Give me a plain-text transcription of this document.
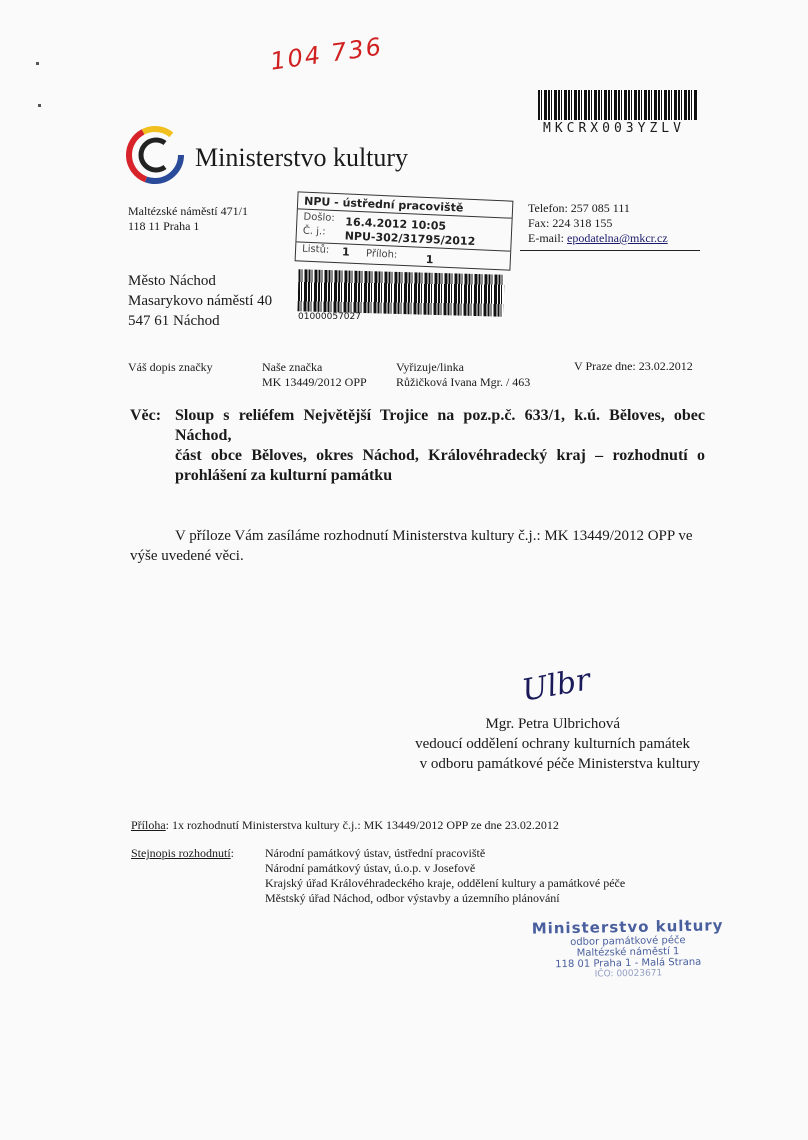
104 736
MKCRX003YZLV
Ministerstvo kultury
Maltézské náměstí 471/1
118 11 Praha 1
Telefon: 257 085 111
Fax: 224 318 155
E-mail: epodatelna@mkcr.cz
NPU - ústřední pracoviště
Došlo: 16.4.2012 10:05
Č. j.: NPU-302/31795/2012
Listů: 1 Příloh:	1
01000057027
Město Náchod
Masarykovo náměstí 40
547 61 Náchod
Váš dopis značky	Naše značka
MK 13449/2012 OPP
Vyřizuje/linka
Růžičková Ivana Mgr. / 463
V Praze dne: 23.02.2012
Věc: Sloup s reliéfem Největější Trojice na poz.p.č. 633/1, k.ú. Běloves, obec Náchod,
část obce Běloves, okres Náchod, Královéhradecký kraj – rozhodnutí o
prohlášení za kulturní památku
V příloze Vám zasíláme rozhodnutí Ministerstva kultury č.j.: MK 13449/2012 OPP ve
výše uvedené věci.
Ulbr
Mgr. Petra Ulbrichová
vedoucí oddělení ochrany kulturních památek
v odboru památkové péče Ministerstva kultury
Příloha: 1x rozhodnutí Ministerstva kultury č.j.: MK 13449/2012 OPP ze dne 23.02.2012
Stejnopis rozhodnutí:	Národní památkový ústav, ústřední pracoviště
Národní památkový ústav, ú.o.p. v Josefově
Krajský úřad Královéhradeckého kraje, oddělení kultury a památkové péče
Městský úřad Náchod, odbor výstavby a územního plánování
Ministerstvo kultury
odbor památkové péče
Maltézské náměstí 1
118 01 Praha 1 - Malá Strana
IČO: 00023671
